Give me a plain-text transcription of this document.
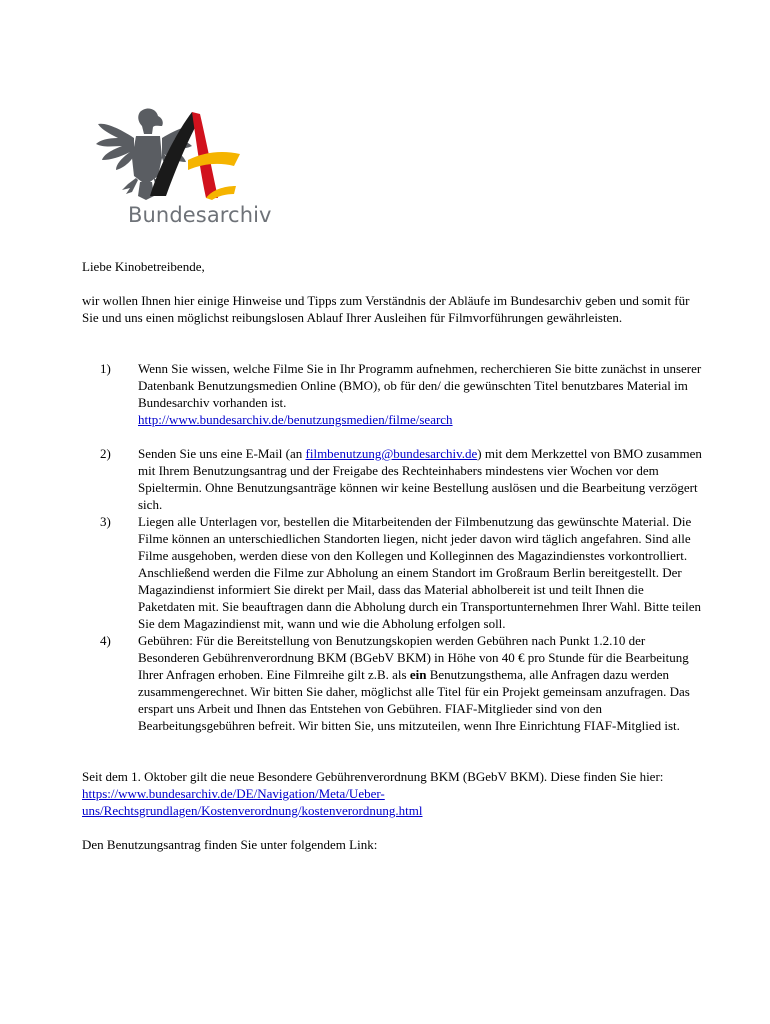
Bundesarchiv

Liebe Kinobetreibende,

wir wollen Ihnen hier einige Hinweise und Tipps zum Verständnis der Abläufe im Bundesarchiv geben und somit für Sie und uns einen möglichst reibungslosen Ablauf Ihrer Ausleihen für Filmvorführungen gewährleisten.

1) Wenn Sie wissen, welche Filme Sie in Ihr Programm aufnehmen, recherchieren Sie bitte zunächst in unserer Datenbank Benutzungsmedien Online (BMO), ob für den/ die gewünschten Titel benutzbares Material im Bundesarchiv vorhanden ist.
http://www.bundesarchiv.de/benutzungsmedien/filme/search
2) Senden Sie uns eine E-Mail (an filmbenutzung@bundesarchiv.de) mit dem Merkzettel von BMO zusammen mit Ihrem Benutzungsantrag und der Freigabe des Rechteinhabers mindestens vier Wochen vor dem Spieltermin. Ohne Benutzungsanträge können wir keine Bestellung auslösen und die Bearbeitung verzögert sich.
3) Liegen alle Unterlagen vor, bestellen die Mitarbeitenden der Filmbenutzung das gewünschte Material. Die Filme können an unterschiedlichen Standorten liegen, nicht jeder davon wird täglich angefahren. Sind alle Filme ausgehoben, werden diese von den Kollegen und Kolleginnen des Magazindienstes vorkontrolliert. Anschließend werden die Filme zur Abholung an einem Standort im Großraum Berlin bereitgestellt. Der Magazindienst informiert Sie direkt per Mail, dass das Material abholbereit ist und teilt Ihnen die Paketdaten mit. Sie beauftragen dann die Abholung durch ein Transportunternehmen Ihrer Wahl. Bitte teilen Sie dem Magazindienst mit, wann und wie die Abholung erfolgen soll.
4) Gebühren: Für die Bereitstellung von Benutzungskopien werden Gebühren nach Punkt 1.2.10 der Besonderen Gebührenverordnung BKM (BGebV BKM) in Höhe von 40 € pro Stunde für die Bearbeitung Ihrer Anfragen erhoben. Eine Filmreihe gilt z.B. als ein Benutzungsthema, alle Anfragen dazu werden zusammengerechnet. Wir bitten Sie daher, möglichst alle Titel für ein Projekt gemeinsam anzufragen. Das erspart uns Arbeit und Ihnen das Entstehen von Gebühren. FIAF-Mitglieder sind von den Bearbeitungsgebühren befreit. Wir bitten Sie, uns mitzuteilen, wenn Ihre Einrichtung FIAF-Mitglied ist.

Seit dem 1. Oktober gilt die neue Besondere Gebührenverordnung BKM (BGebV BKM). Diese finden Sie hier: https://www.bundesarchiv.de/DE/Navigation/Meta/Ueber-uns/Rechtsgrundlagen/Kostenverordnung/kostenverordnung.html

Den Benutzungsantrag finden Sie unter folgendem Link:
